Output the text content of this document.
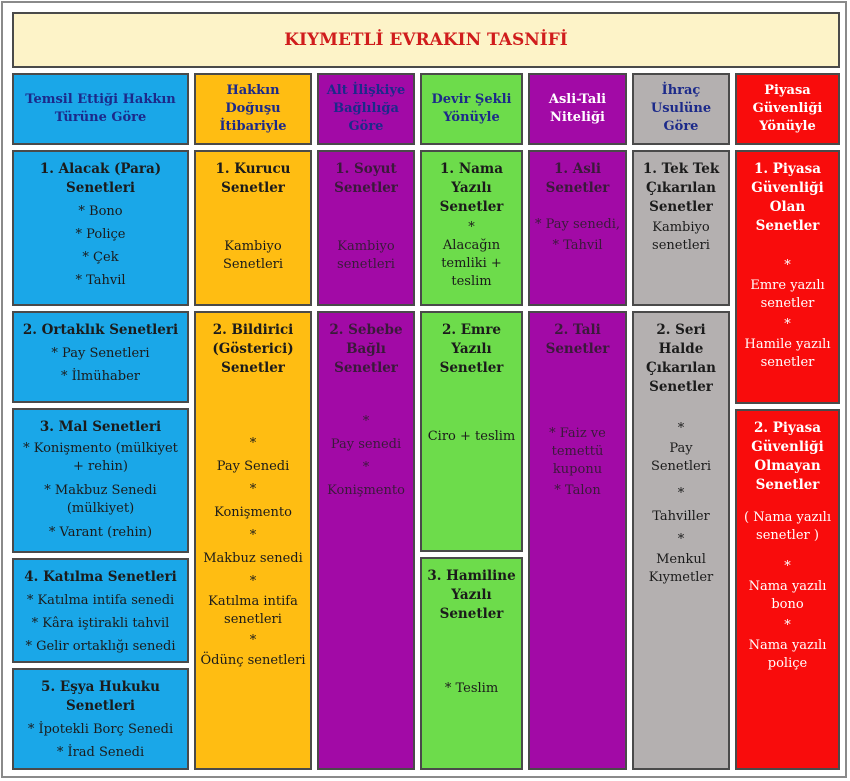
KIYMETLİ EVRAKIN TASNİFİ
Temsil Ettiği Hakkın Türüne Göre
Hakkın Doğuşu İtibariyle
Alt İlişkiye Bağlılığa Göre
Devir Şekli Yönüyle
Asli-Tali Niteliği
İhraç Usulüne Göre
Piyasa Güvenliği Yönüyle
1. Alacak (Para) Senetleri
* Bono
* Poliçe
* Çek
* Tahvil
2. Ortaklık Senetleri
* Pay Senetleri
* İlmühaber
3. Mal Senetleri
* Konişmento (mülkiyet + rehin)
* Makbuz Senedi (mülkiyet)
* Varant (rehin)
4. Katılma Senetleri
* Katılma intifa senedi
* Kâra iştirakli tahvil
* Gelir ortaklığı senedi
5. Eşya Hukuku Senetleri
* İpotekli Borç Senedi
* İrad Senedi
1. Kurucu Senetler
Kambiyo Senetleri
2. Bildirici (Gösterici) Senetler
*
Pay Senedi
*
Konişmento
*
Makbuz senedi
*
Katılma intifa senetleri
*
Ödünç senetleri
1. Soyut Senetler
Kambiyo senetleri
2. Sebebe Bağlı Senetler
*
Pay senedi
*
Konişmento
1. Nama Yazılı Senetler
*
Alacağın temliki + teslim
2. Emre Yazılı Senetler
Ciro + teslim
3. Hamiline Yazılı Senetler
* Teslim
1. Asli Senetler
* Pay senedi,
* Tahvil
2. Tali Senetler
* Faiz ve temettü kuponu
* Talon
1. Tek Tek Çıkarılan Senetler
Kambiyo senetleri
2. Seri Halde Çıkarılan Senetler
*
Pay Senetleri
*
Tahviller
*
Menkul Kıymetler
1. Piyasa Güvenliği Olan Senetler
*
Emre yazılı senetler
*
Hamile yazılı senetler
2. Piyasa Güvenliği Olmayan Senetler
( Nama yazılı senetler )
*
Nama yazılı bono
*
Nama yazılı poliçe
